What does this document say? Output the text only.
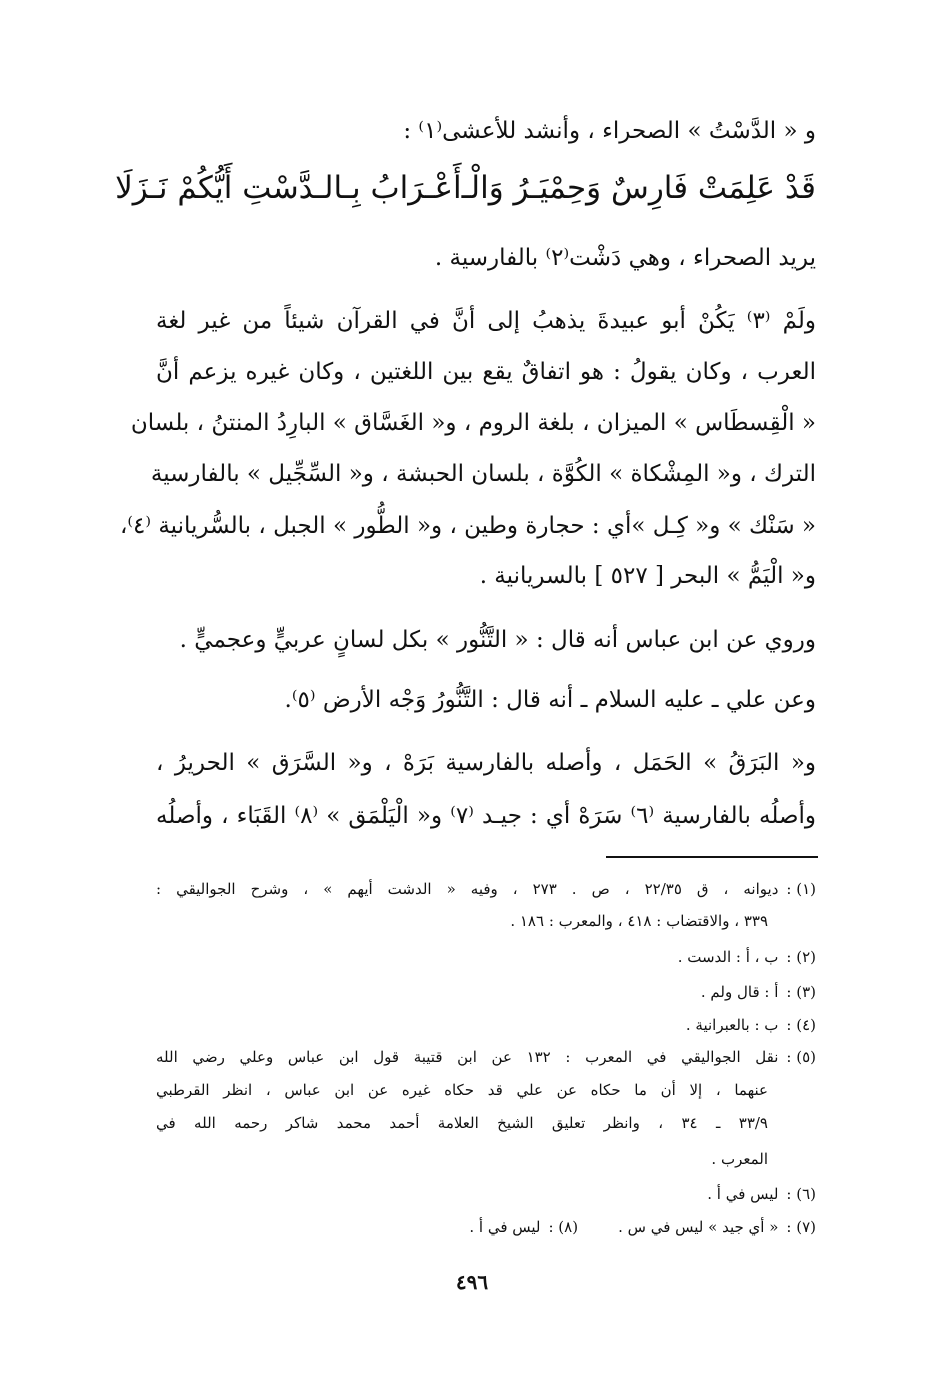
و « الدَّسْتُ » الصحراء ، وأنشد للأعشى⁽١⁾ :
قَدْ عَلِمَتْ فَارِسٌ وَحِمْيَـرُ وَالْـ
أَعْـرَابُ بِـالـدَّسْتِ أَيُّكُمْ نَـزَلَا
يريد الصحراء ، وهي دَشْت⁽٢⁾ بالفارسية .
ولَمْ ⁽٣⁾ يَكُنْ أبو عبيدةَ يذهبُ إلى أنَّ في القرآن شيئاً من غير لغة
العرب ، وكان يقولُ : هو اتفاقٌ يقع بين اللغتين ، وكان غيره يزعم أنَّ
« الْقِسطَاس » الميزان ، بلغة الروم ، و« الغَسَّاق » البارِدُ المنتنُ ، بلسان
الترك ، و« المِشْكاة » الكُوَّة ، بلسان الحبشة ، و« السِّجِّيل » بالفارسية
« سَنْك » و« كِـل »أي : حجارة وطين ، و« الطُّور » الجبل ، بالسُّريانية ⁽٤⁾،
و« الْيَمُّ » البحر [ ٥٢٧ ] بالسريانية .
وروي عن ابن عباس أنه قال : « التَّنُّور » بكل لسانٍ عربيٍّ وعجميٍّ .
وعن علي ـ عليه السلام ـ أنه قال : التَّنُّورُ وَجْه الأرض ⁽٥⁾.
و« البَرَقُ » الحَمَل ، وأصله بالفارسية بَرَهْ ، و« السَّرَق » الحريرُ ،
وأصلُه بالفارسية ⁽٦⁾ سَرَهْ أي : جيـد ⁽٧⁾ و« الْيَلْمَق » ⁽٨⁾ القَبَاء ، وأصلُه
(١) :ديوانه ، ق ٢٢/٣٥ ، ص . ٢٧٣ ، وفيه « الدشت أيهم » ، وشرح الجواليقي :
٣٣٩ ، والاقتضاب : ٤١٨ ، والمعرب : ١٨٦ .
(٢) :ب ، أ : الدست .
(٣) :أ : قال ولم .
(٤) :ب : بالعبرانية .
(٥) :نقل الجواليقي في المعرب : ١٣٢ عن ابن قتيبة قول ابن عباس وعلي رضي الله
عنهما ، إلا أن ما حكاه عن علي قد حكاه غيره عن ابن عباس ، انظر القرطبي
٣٣/٩ ـ ٣٤ ، وانظر تعليق الشيخ العلامة أحمد محمد شاكر رحمه الله في
المعرب .
(٦) :ليس في أ .
(٧) :« أي جيد » ليس في س .(٨) :ليس في أ .
٤٩٦
